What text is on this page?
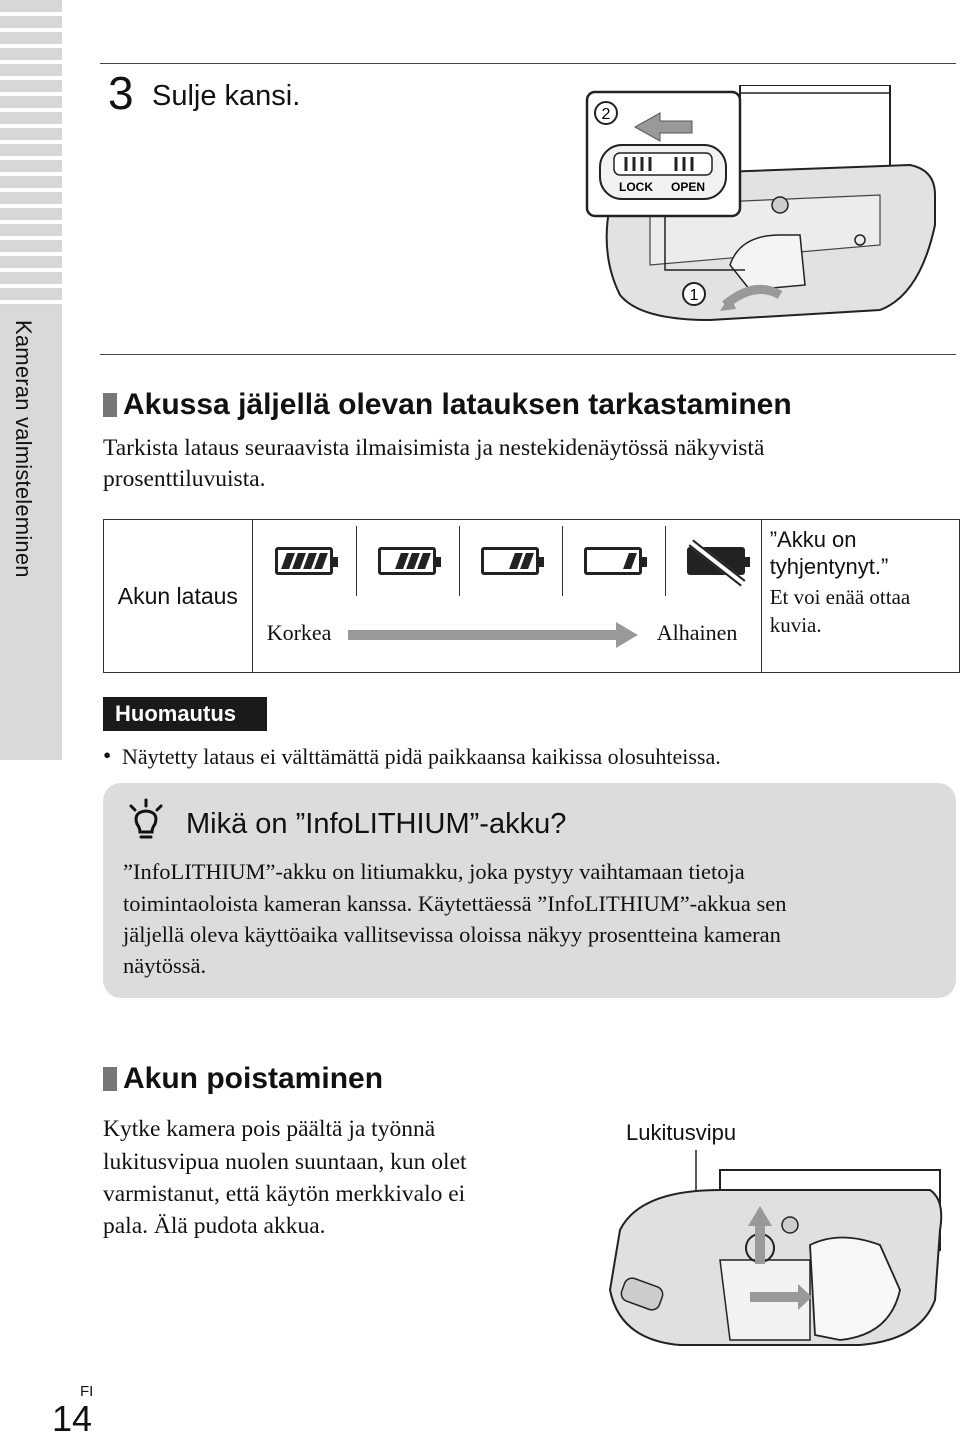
Kameran valmisteleminen
3 Sulje kansi.
2
LOCK OPEN
1
Akussa jäljellä olevan latauksen tarkastaminen
Tarkista lataus seuraavista ilmaisimista ja nestekidenäytössä näkyvistä
prosenttiluvuista.
Akun lataus	
Korkea	Alhainen

”Akku on
tyhjentynyt.”
Et voi enää ottaa
kuvia.
Huomautus
• Näytetty lataus ei välttämättä pidä paikkaansa kaikissa olosuhteissa.
Mikä on ”InfoLITHIUM”-akku?
”InfoLITHIUM”-akku on litiumakku, joka pystyy vaihtamaan tietoja
toimintaoloista kameran kanssa. Käytettäessä ”InfoLITHIUM”-akkua sen
jäljellä oleva käyttöaika vallitsevissa oloissa näkyy prosentteina kameran
näytössä.
Akun poistaminen
Kytke kamera pois päältä ja työnnä
lukitusvipua nuolen suuntaan, kun olet
varmistanut, että käytön merkkivalo ei
pala. Älä pudota akkua.
Lukitusvipu
FI
14
